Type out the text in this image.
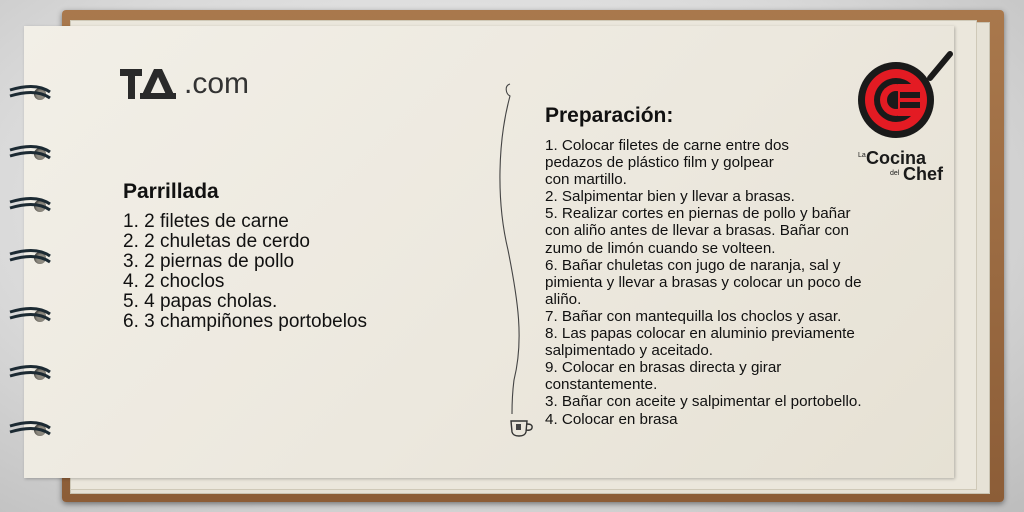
.com
Parrillada
1. 2 filetes de carne
2. 2 chuletas de cerdo
3. 2 piernas de pollo
4. 2 choclos
5. 4 papas cholas.
6. 3 champiñones portobelos
Preparación:
1. Colocar filetes de carne entre dos
pedazos de plástico film y golpear
con martillo.
2. Salpimentar bien y llevar a brasas.
5. Realizar cortes en piernas de pollo y bañar
con aliño antes de llevar a brasas. Bañar con
zumo de limón cuando se volteen.
6. Bañar chuletas con jugo de naranja, sal y
pimienta y llevar a brasas y colocar un poco de
aliño.
7. Bañar con mantequilla los choclos y asar.
8. Las papas colocar en aluminio previamente
salpimentado y aceitado.
9. Colocar en brasas directa y girar
constantemente.
3. Bañar con aceite y salpimentar el portobello.
4. Colocar en brasa
La Cocina
del Chef
